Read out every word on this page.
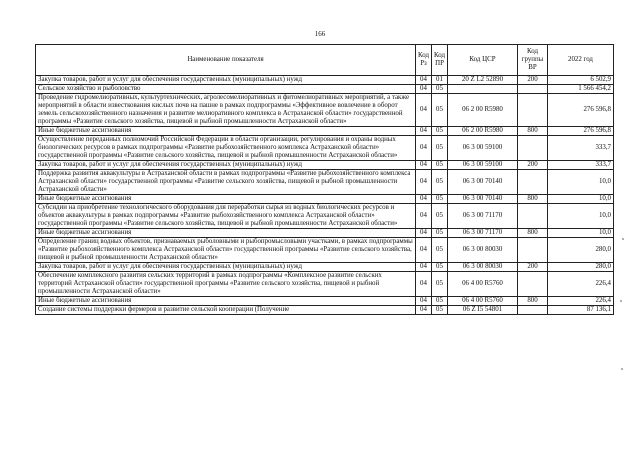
166
Наименование показателя	Код Рз	Код ПР	Код ЦСР	Код группы ВР	2022 год
Закупка товаров, работ и услуг для обеспечения государственных (муниципальных) нужд	04	01	20 Z L2 52890	200	6 502,9
Сельское хозяйство и рыболовство	04	05			1 566 454,2
Проведение гидромелиоративных, культуртехнических, агролесомелиоративных и фитомелиоративных мероприятий, а также мероприятий в области известкования кислых почв на пашне в рамках подпрограммы «Эффективное вовлечение в оборот земель сельскохозяйственного назначения и развитие мелиоративного комплекса в Астраханской области» государственной программы «Развитие сельского хозяйства, пищевой и рыбной промышленности Астраханской области»	04	05	06 2 00 R5980		276 596,8
Иные бюджетные ассигнования	04	05	06 2 00 R5980	800	276 596,8
Осуществление переданных полномочий Российской Федерации в области организации, регулирования и охраны водных биологических ресурсов в рамках подпрограммы «Развитие рыбохозяйственного комплекса Астраханской области» государственной программы «Развитие сельского хозяйства, пищевой и рыбной промышленности Астраханской области»	04	05	06 3 00 59100		333,7
Закупка товаров, работ и услуг для обеспечения государственных (муниципальных) нужд	04	05	06 3 00 59100	200	333,7
Поддержка развития аквакультуры в Астраханской области в рамках подпрограммы «Развитие рыбохозяйственного комплекса Астраханской области» государственной программы «Развитие сельского хозяйства, пищевой и рыбной промышленности Астраханской области»	04	05	06 3 00 70140		10,0
Иные бюджетные ассигнования	04	05	06 3 00 70140	800	10,0
Субсидии на приобретение технологического оборудования для переработки сырья из водных биологических ресурсов и объектов аквакультуры в рамках подпрограммы «Развитие рыбохозяйственного комплекса Астраханской области» государственной программы «Развитие сельского хозяйства, пищевой и рыбной промышленности Астраханской области»	04	05	06 3 00 71170		10,0
Иные бюджетные ассигнования	04	05	06 3 00 71170	800	10,0
Определение границ водных объектов, признаваемых рыболовными и рыбопромысловыми участками, в рамках подпрограммы «Развитие рыбохозяйственного комплекса Астраханской области» государственной программы «Развитие сельского хозяйства, пищевой и рыбной промышленности Астраханской области»	04	05	06 3 00 80030		280,0
Закупка товаров, работ и услуг для обеспечения государственных (муниципальных) нужд	04	05	06 3 00 80030	200	280,0
Обеспечение комплексного развития сельских территорий в рамках подпрограммы «Комплексное развитие сельских территорий Астраханской области» государственной программы «Развитие сельского хозяйства, пищевой и рыбной промышленности Астраханской области»	04	05	06 4 00 R5760		226,4
Иные бюджетные ассигнования	04	05	06 4 00 R5760	800	226,4
Создание системы поддержки фермеров и развитие сельской кооперации (Получение	04	05	06 Z I5 54801		87 136,1
